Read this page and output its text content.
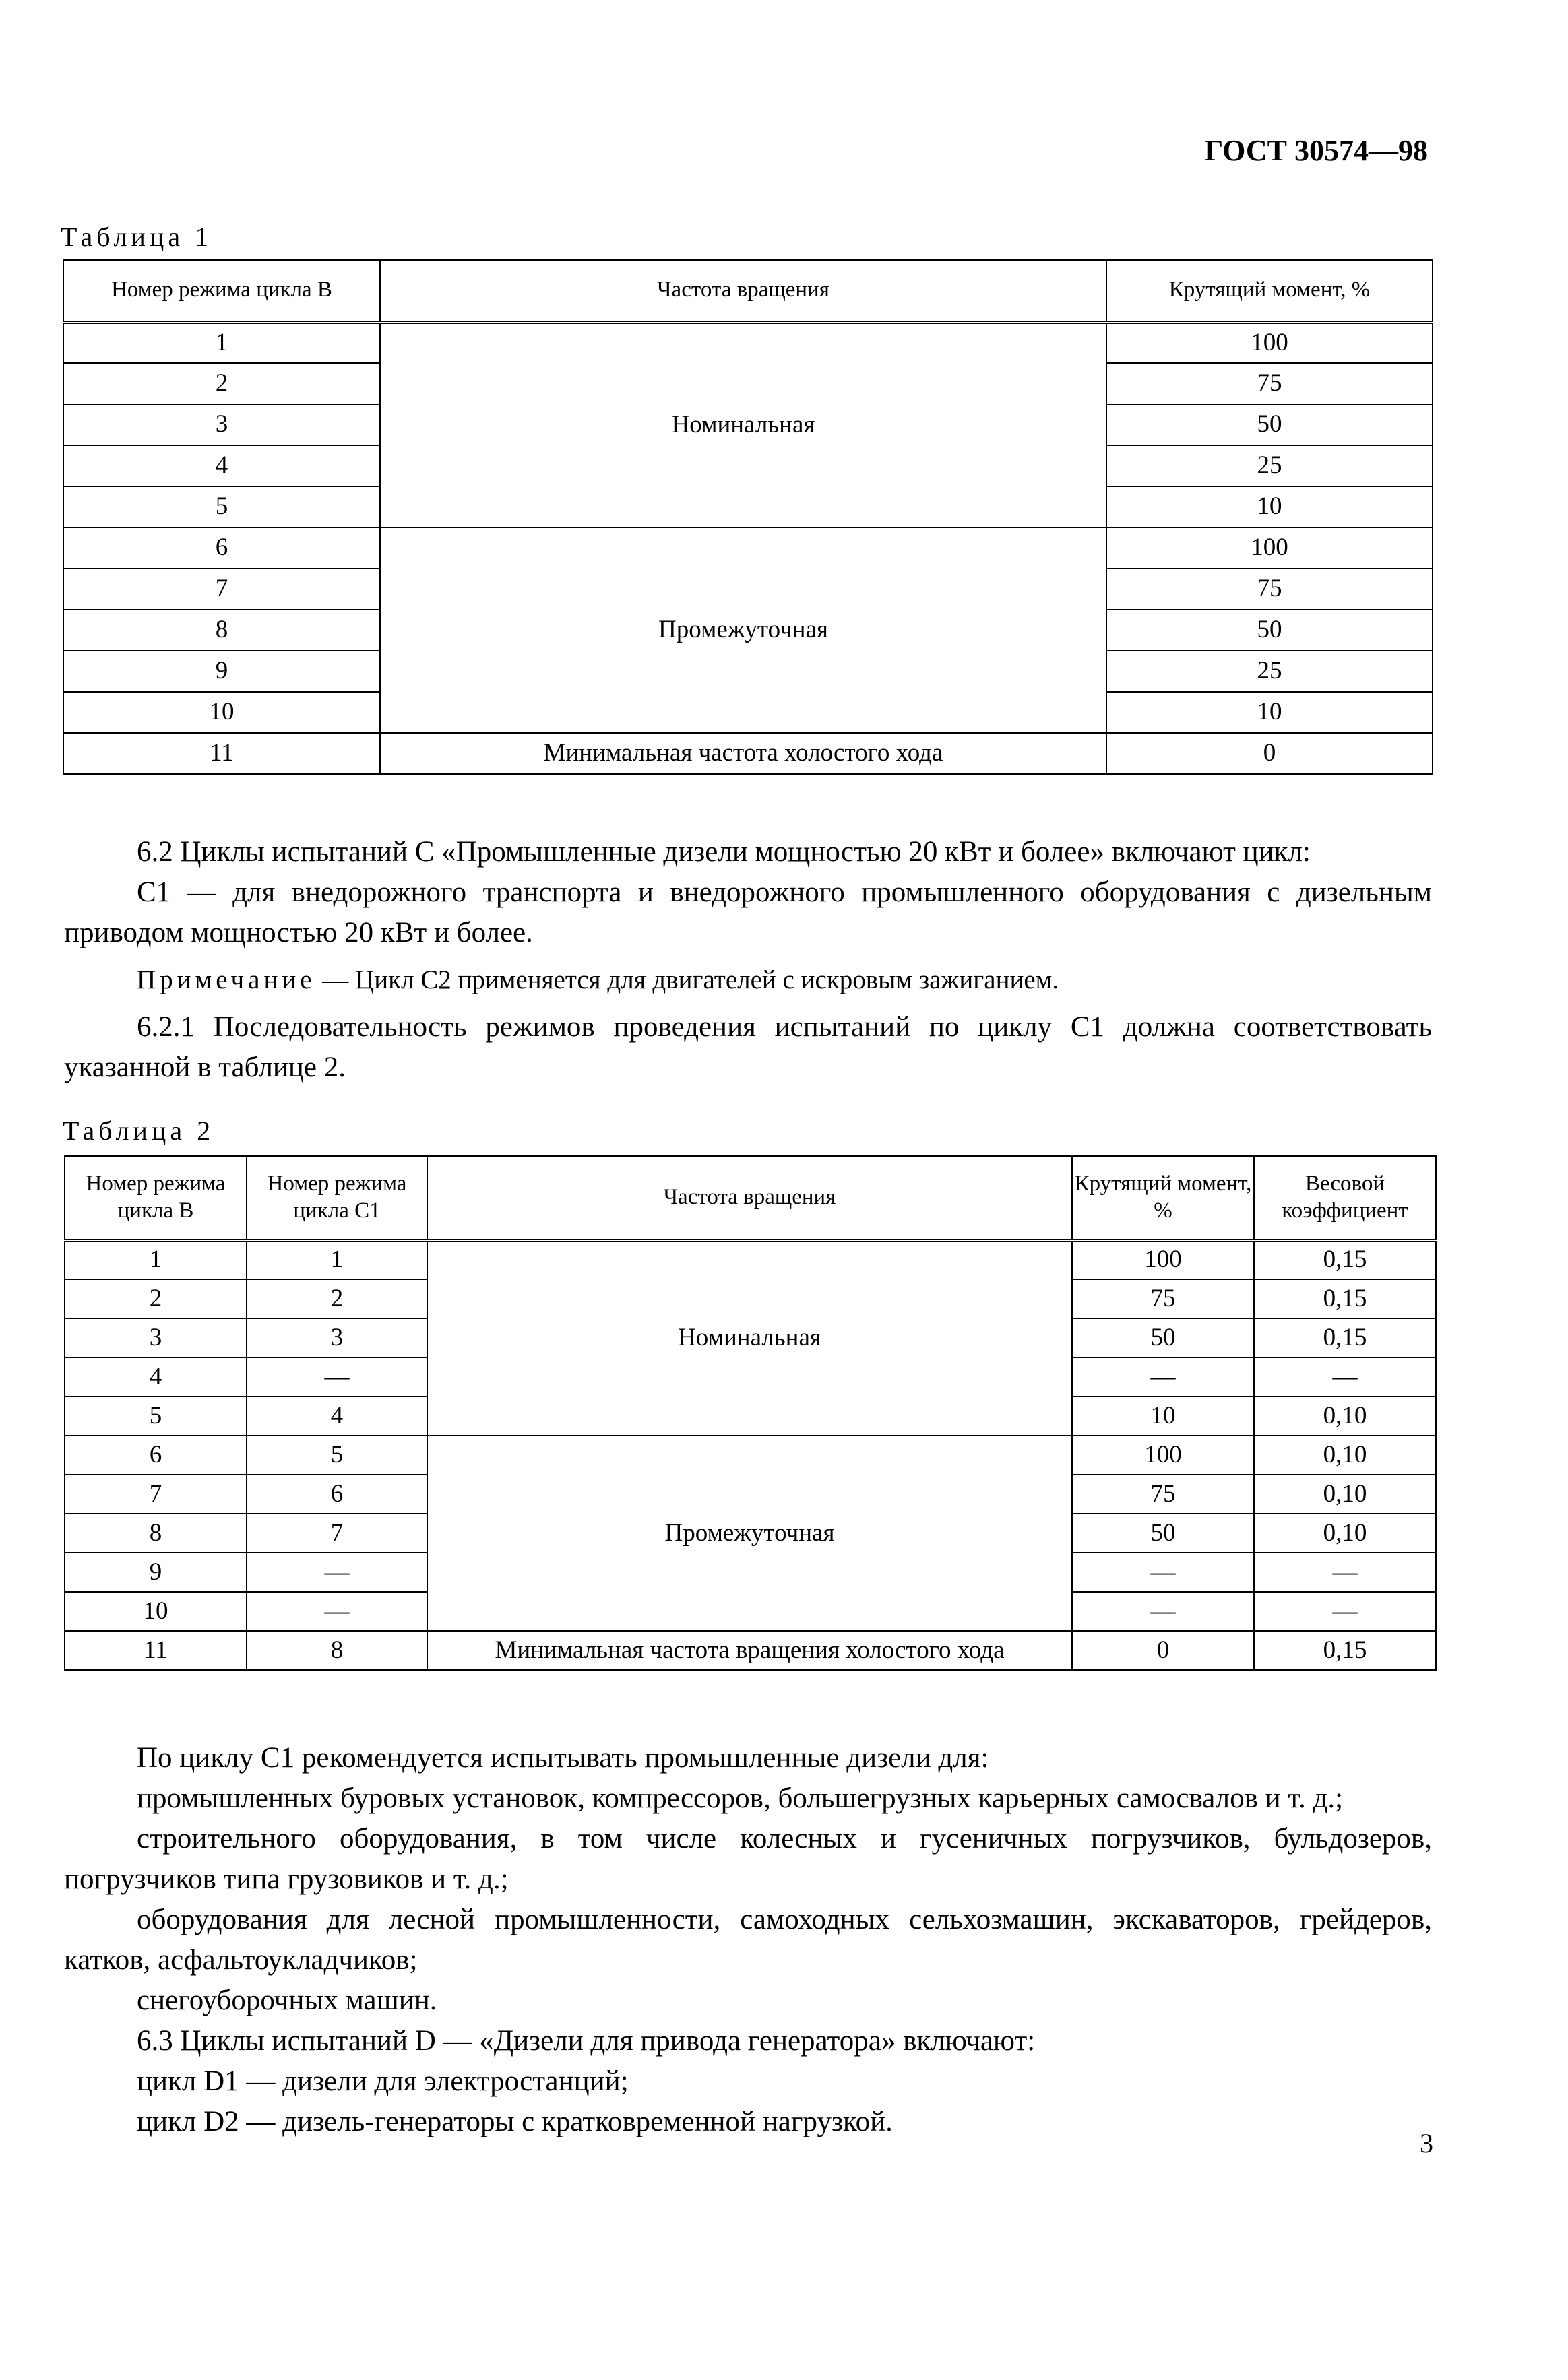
ГОСТ 30574—98
Таблица 1
Номер режима цикла В	Частота вращения	Крутящий момент, %
1	Номинальная	100
2		75
3		50
4		25
5		10
6	Промежуточная	100
7		75
8		50
9		25
10		10
11	Минимальная частота холостого хода	0
6.2 Циклы испытаний С «Промышленные дизели мощностью 20 кВт и более» включают цикл:
С1 — для внедорожного транспорта и внедорожного промышленного оборудования с дизельным приводом мощностью 20 кВт и более.
Примечание — Цикл С2 применяется для двигателей с искровым зажиганием.
6.2.1 Последовательность режимов проведения испытаний по циклу С1 должна соответствовать указанной в таблице 2.
Таблица 2
Номер режима цикла В	Номер режима цикла С1	Частота вращения	Крутящий момент, %	Весовой коэффициент
1	1	Номинальная	100	0,15
2	2		75	0,15
3	3		50	0,15
4	—		—	—
5	4		10	0,10
6	5	Промежуточная	100	0,10
7	6		75	0,10
8	7		50	0,10
9	—		—	—
10	—		—	—
11	8	Минимальная частота вращения холостого хода	0	0,15
По циклу С1 рекомендуется испытывать промышленные дизели для:
промышленных буровых установок, компрессоров, большегрузных карьерных самосвалов и т. д.;
строительного оборудования, в том числе колесных и гусеничных погрузчиков, бульдозеров, погрузчиков типа грузовиков и т. д.;
оборудования для лесной промышленности, самоходных сельхозмашин, экскаваторов, грейдеров, катков, асфальтоукладчиков;
снегоуборочных машин.
6.3 Циклы испытаний D — «Дизели для привода генератора» включают:
цикл D1 — дизели для электростанций;
цикл D2 — дизель-генераторы с кратковременной нагрузкой.
3
